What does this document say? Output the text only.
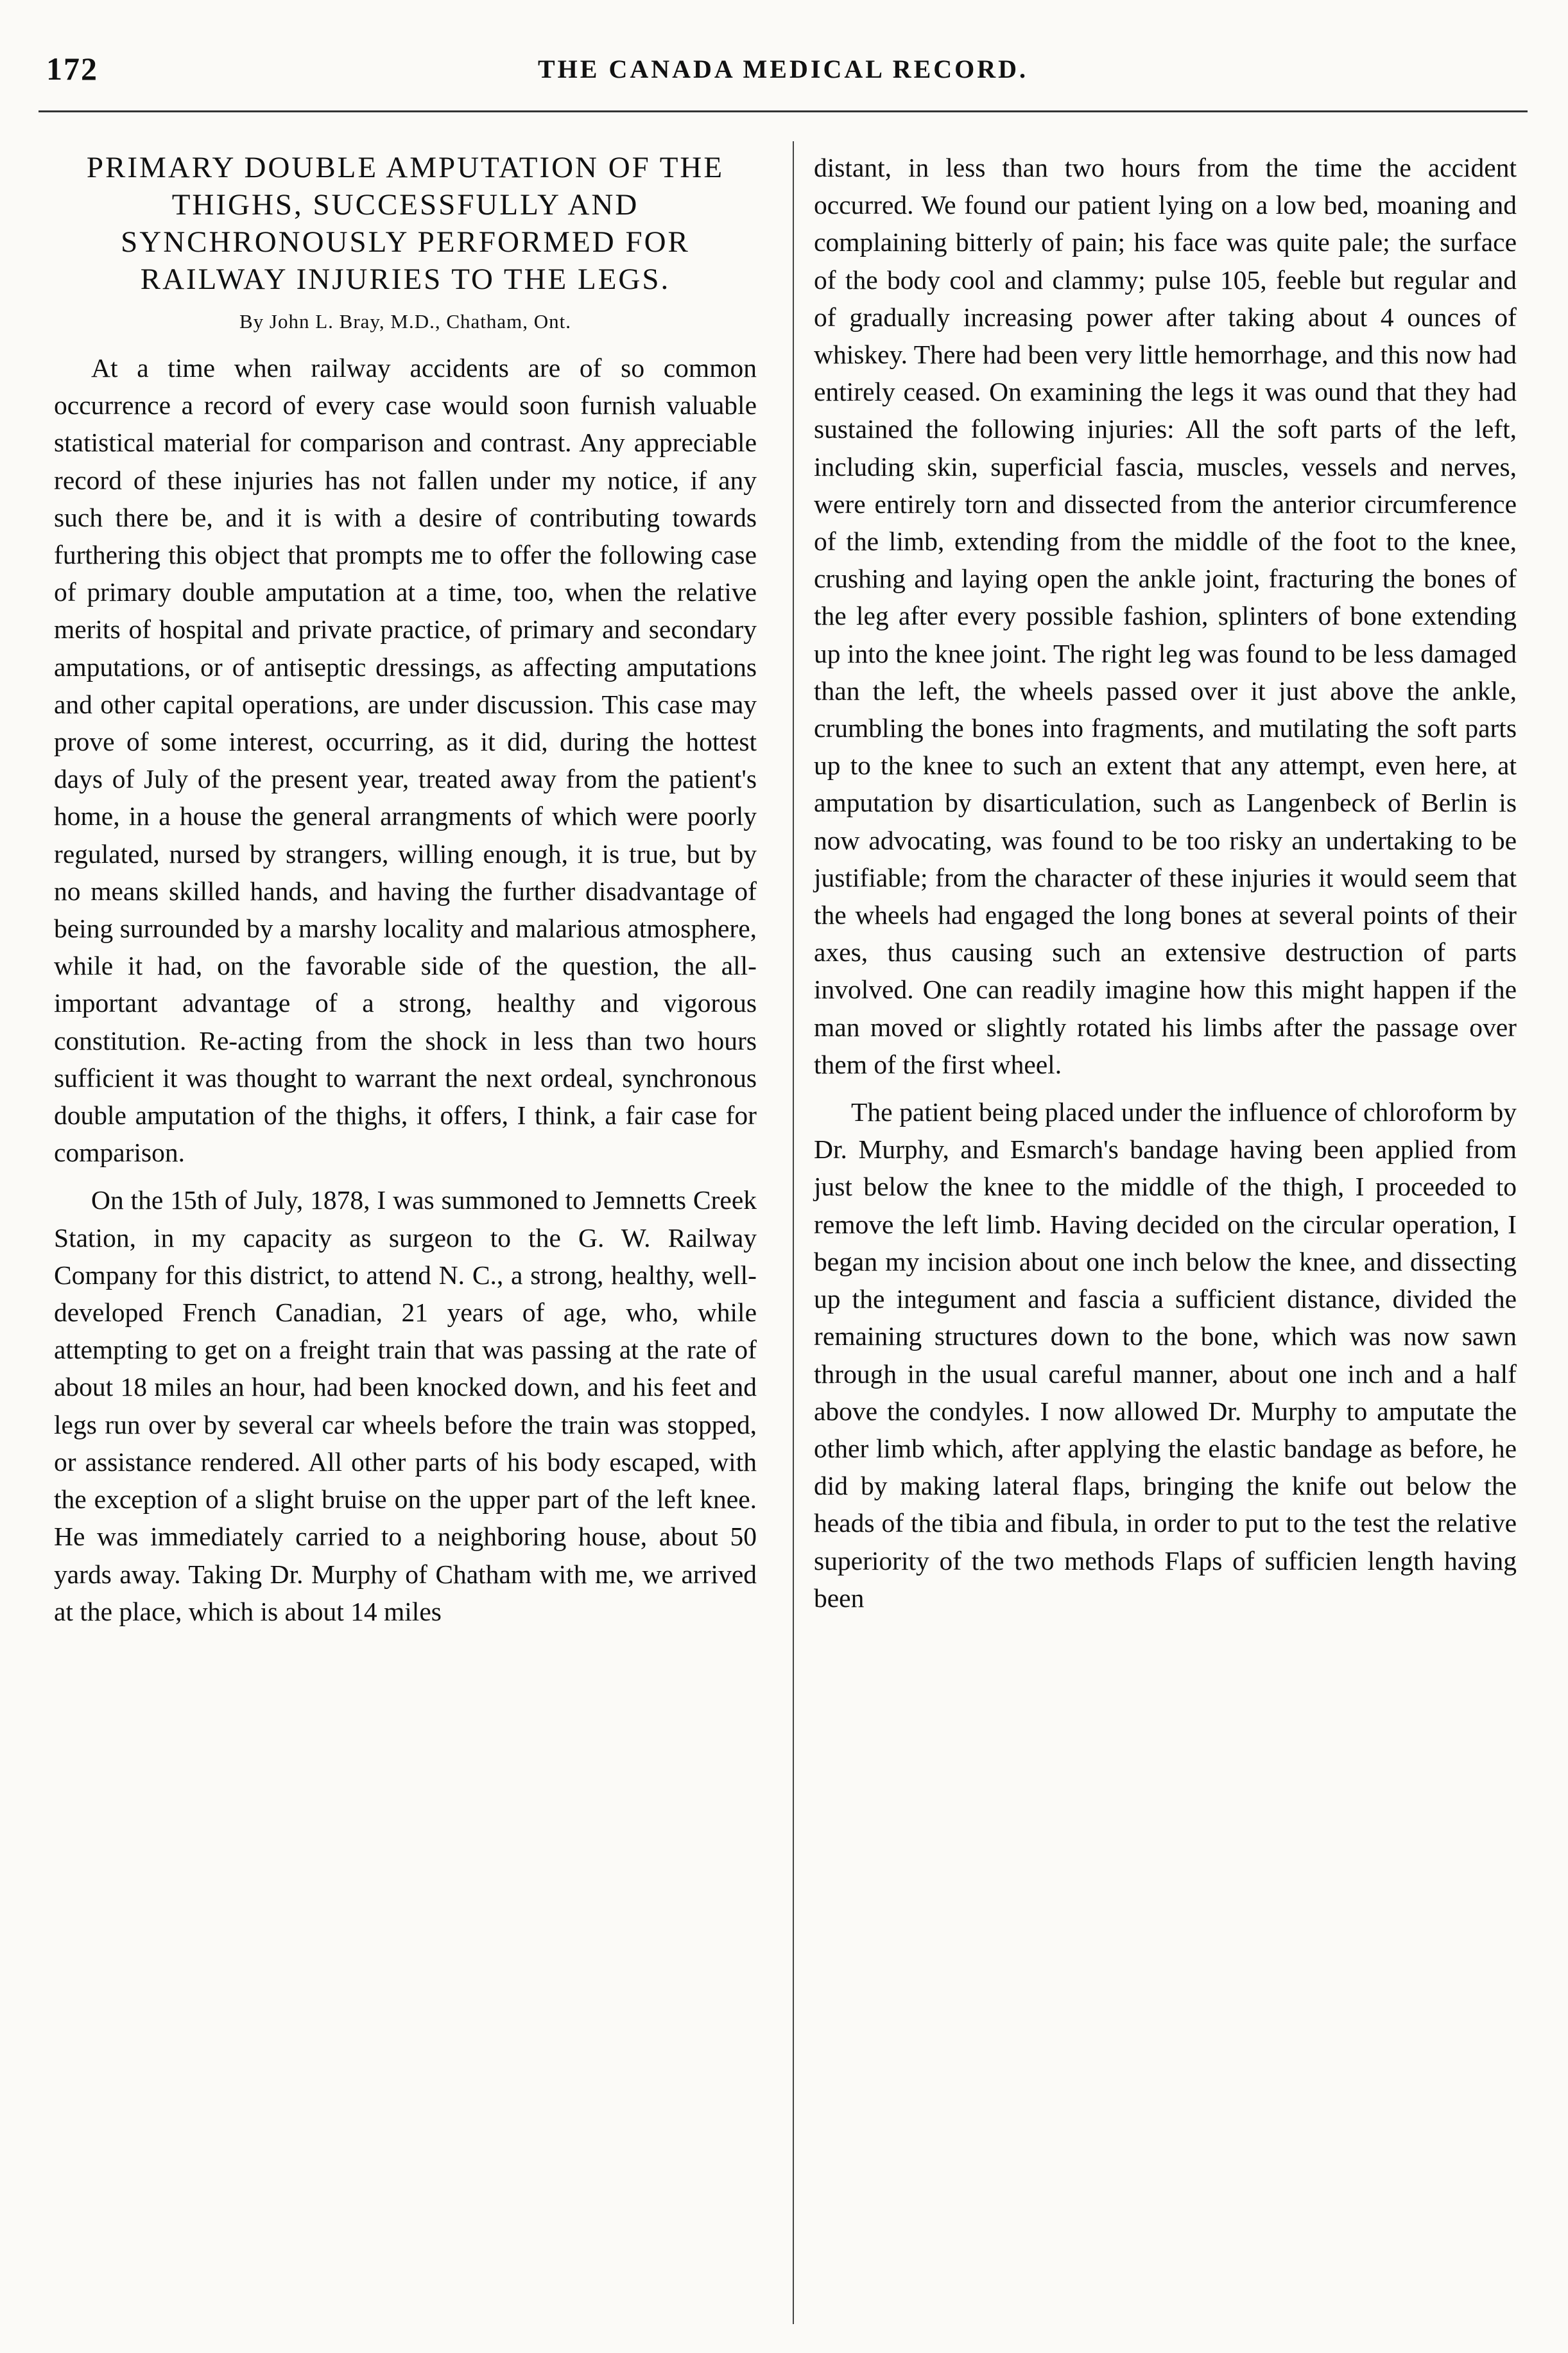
172	THE CANADA MEDICAL RECORD.
PRIMARY DOUBLE AMPUTATION OF THE THIGHS, SUCCESSFULLY AND SYNCHRONOUSLY PERFORMED FOR RAILWAY INJURIES TO THE LEGS.
By John L. Bray, M.D., Chatham, Ont.

At a time when railway accidents are of so common occurrence a record of every case would soon furnish valuable statistical material for comparison and contrast. Any appreciable record of these injuries has not fallen under my notice, if any such there be, and it is with a desire of contributing towards furthering this object that prompts me to offer the following case of primary double amputation at a time, too, when the relative merits of hospital and private practice, of primary and secondary amputations, or of antiseptic dressings, as affecting amputations and other capital operations, are under discussion. This case may prove of some interest, occurring, as it did, during the hottest days of July of the present year, treated away from the patient's home, in a house the general arrangments of which were poorly regulated, nursed by strangers, willing enough, it is true, but by no means skilled hands, and having the further disadvantage of being surrounded by a marshy locality and malarious atmosphere, while it had, on the favorable side of the question, the all-important advantage of a strong, healthy and vigorous constitution. Re-acting from the shock in less than two hours sufficient it was thought to warrant the next ordeal, synchronous double amputation of the thighs, it offers, I think, a fair case for comparison.

On the 15th of July, 1878, I was summoned to Jemnetts Creek Station, in my capacity as surgeon to the G. W. Railway Company for this district, to attend N. C., a strong, healthy, well-developed French Canadian, 21 years of age, who, while attempting to get on a freight train that was passing at the rate of about 18 miles an hour, had been knocked down, and his feet and legs run over by several car wheels before the train was stopped, or assistance rendered. All other parts of his body escaped, with the exception of a slight bruise on the upper part of the left knee. He was immediately carried to a neighboring house, about 50 yards away. Taking Dr. Murphy of Chatham with me, we arrived at the place, which is about 14 miles

distant, in less than two hours from the time the accident occurred. We found our patient lying on a low bed, moaning and complaining bitterly of pain; his face was quite pale; the surface of the body cool and clammy; pulse 105, feeble but regular and of gradually increasing power after taking about 4 ounces of whiskey. There had been very little hemorrhage, and this now had entirely ceased. On examining the legs it was ound that they had sustained the following injuries: All the soft parts of the left, including skin, superficial fascia, muscles, vessels and nerves, were entirely torn and dissected from the anterior circumference of the limb, extending from the middle of the foot to the knee, crushing and laying open the ankle joint, fracturing the bones of the leg after every possible fashion, splinters of bone extending up into the knee joint. The right leg was found to be less damaged than the left, the wheels passed over it just above the ankle, crumbling the bones into fragments, and mutilating the soft parts up to the knee to such an extent that any attempt, even here, at amputation by disarticulation, such as Langenbeck of Berlin is now advocating, was found to be too risky an undertaking to be justifiable; from the character of these injuries it would seem that the wheels had engaged the long bones at several points of their axes, thus causing such an extensive destruction of parts involved. One can readily imagine how this might happen if the man moved or slightly rotated his limbs after the passage over them of the first wheel.

The patient being placed under the influence of chloroform by Dr. Murphy, and Esmarch's bandage having been applied from just below the knee to the middle of the thigh, I proceeded to remove the left limb. Having decided on the circular operation, I began my incision about one inch below the knee, and dissecting up the integument and fascia a sufficient distance, divided the remaining structures down to the bone, which was now sawn through in the usual careful manner, about one inch and a half above the condyles. I now allowed Dr. Murphy to amputate the other limb which, after applying the elastic bandage as before, he did by making lateral flaps, bringing the knife out below the heads of the tibia and fibula, in order to put to the test the relative superiority of the two methods Flaps of sufficien length having been
